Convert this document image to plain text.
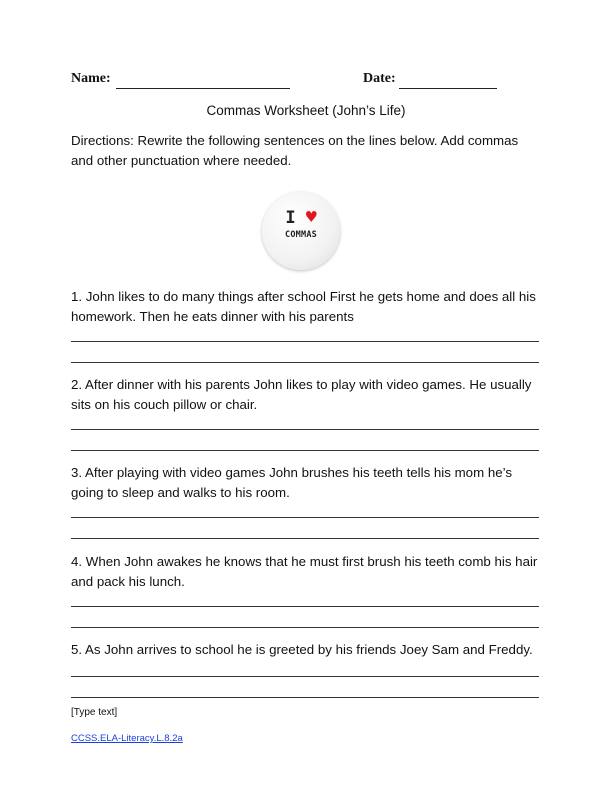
Name:	Date:
Commas Worksheet (John’s Life)
Directions: Rewrite the following sentences on the lines below. Add commas and other punctuation where needed.
I ♥
COMMAS
1. John likes to do many things after school First he gets home and does all his homework. Then he eats dinner with his parents
2. After dinner with his parents John likes to play with video games. He usually sits on his couch pillow or chair.
3. After playing with video games John brushes his teeth tells his mom he’s going to sleep and walks to his room.
4. When John awakes he knows that he must first brush his teeth comb his hair and pack his lunch.
5. As John arrives to school he is greeted by his friends Joey Sam and Freddy.
[Type text]
CCSS.ELA-Literacy.L.8.2a
